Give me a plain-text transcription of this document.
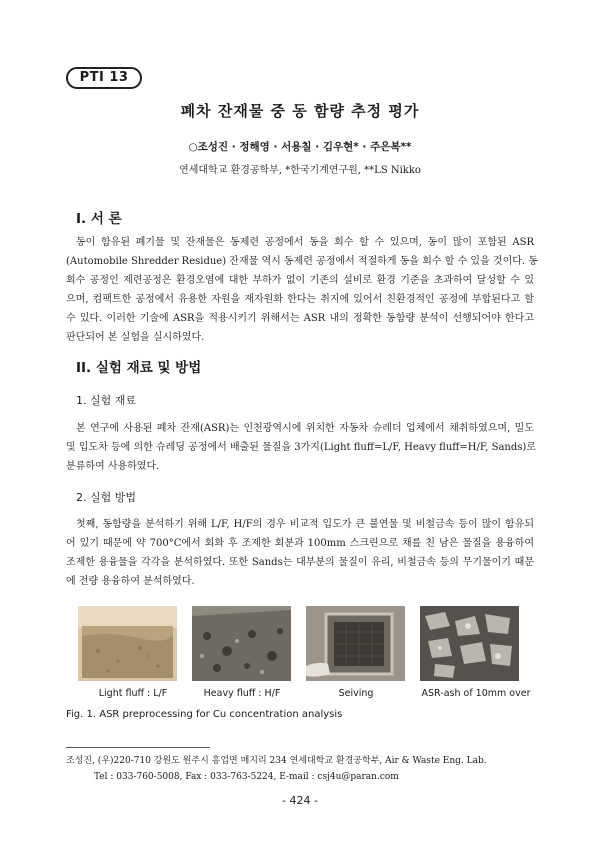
PTI 13
폐차 잔재물 중 동 함량 추정 평가
○조성진 · 정해영 · 서용칠 · 김우현* · 주은복**
연세대학교 환경공학부, *한국기계연구원, **LS Nikko
I. 서 론
동이 함유된 폐기물 및 잔재물은 동제련 공정에서 동을 회수 할 수 있으며, 동이 많이 포함된 ASR
(Automobile Shredder Residue) 잔재물 역시 동제련 공정에서 적절하게 동을 회수 할 수 있을 것이다. 동
회수 공정인 제련공정은 환경오염에 대한 부하가 없이 기존의 설비로 환경 기준을 초과하여 달성할 수 있
으며, 컴팩트한 공정에서 유용한 자원을 재자원화 한다는 취지에 있어서 친환경적인 공정에 부합된다고 할
수 있다. 이러한 기술에 ASR을 적용시키기 위해서는 ASR 내의 정확한 동함량 분석이 선행되어야 한다고
판단되어 본 실험을 실시하였다.
II. 실험 재료 및 방법
1. 실험 재료
본 연구에 사용된 폐차 잔재(ASR)는 인천광역시에 위치한 자동차 슈레더 업체에서 채취하였으며, 밀도
및 입도차 등에 의한 슈레딩 공정에서 배출된 물질을 3가지(Light fluff=L/F, Heavy fluff=H/F, Sands)로
분류하여 사용하였다.
2. 실험 방법
첫째, 동함량을 분석하기 위해 L/F, H/F의 경우 비교적 입도가 큰 불연물 및 비철금속 등이 많이 함유되
어 있기 때문에 약 700°C에서 회화 후 조제한 회분과 100mm 스크린으로 채를 친 남은 물질을 용융하여
조제한 용융물을 각각을 분석하였다. 또한 Sands는 대부분의 물질이 유리, 비철금속 등의 무기물이기 때문
에 전량 용융하여 분석하였다.
Light fluff : L/F	Heavy fluff : H/F	Seiving	ASR-ash of 10mm over
Fig. 1. ASR preprocessing for Cu concentration analysis
조성진, (우)220-710 강원도 원주시 흥업면 매지리 234 연세대학교 환경공학부, Air & Waste Eng. Lab.
Tel : 033-760-5008, Fax : 033-763-5224, E-mail : csj4u@paran.com
- 424 -
